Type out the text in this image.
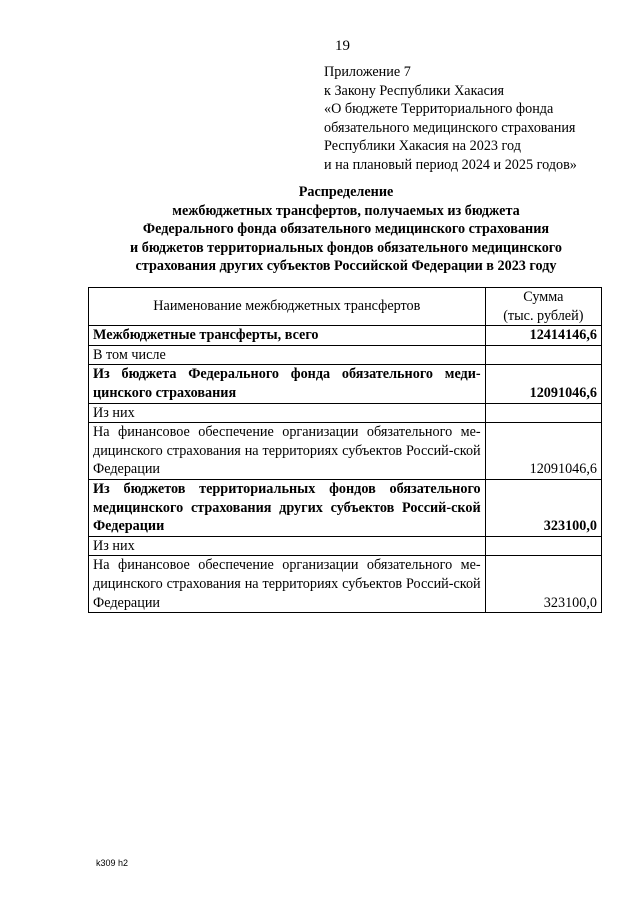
19
Приложение 7
к Закону Республики Хакасия
«О бюджете Территориального фонда
обязательного медицинского страхования
Республики Хакасия на 2023 год
и на плановый период 2024 и 2025 годов»
Распределение
межбюджетных трансфертов, получаемых из бюджета
Федерального фонда обязательного медицинского страхования
и бюджетов территориальных фондов обязательного медицинского
страхования других субъектов Российской Федерации в 2023 году
Наименование межбюджетных трансфертов	Сумма
(тыс. рублей)

Межбюджетные трансферты, всего	12414146,6
В том числе	
Из бюджета Федерального фонда обязательного меди-цинского страхования	12091046,6
Из них	
На финансовое обеспечение организации обязательного ме-дицинского страхования на территориях субъектов Россий-ской Федерации	12091046,6
Из бюджетов территориальных фондов обязательного медицинского страхования других субъектов Россий-ской Федерации	323100,0
Из них	
На финансовое обеспечение организации обязательного ме-дицинского страхования на территориях субъектов Россий-ской Федерации	323100,0
k309 h2
